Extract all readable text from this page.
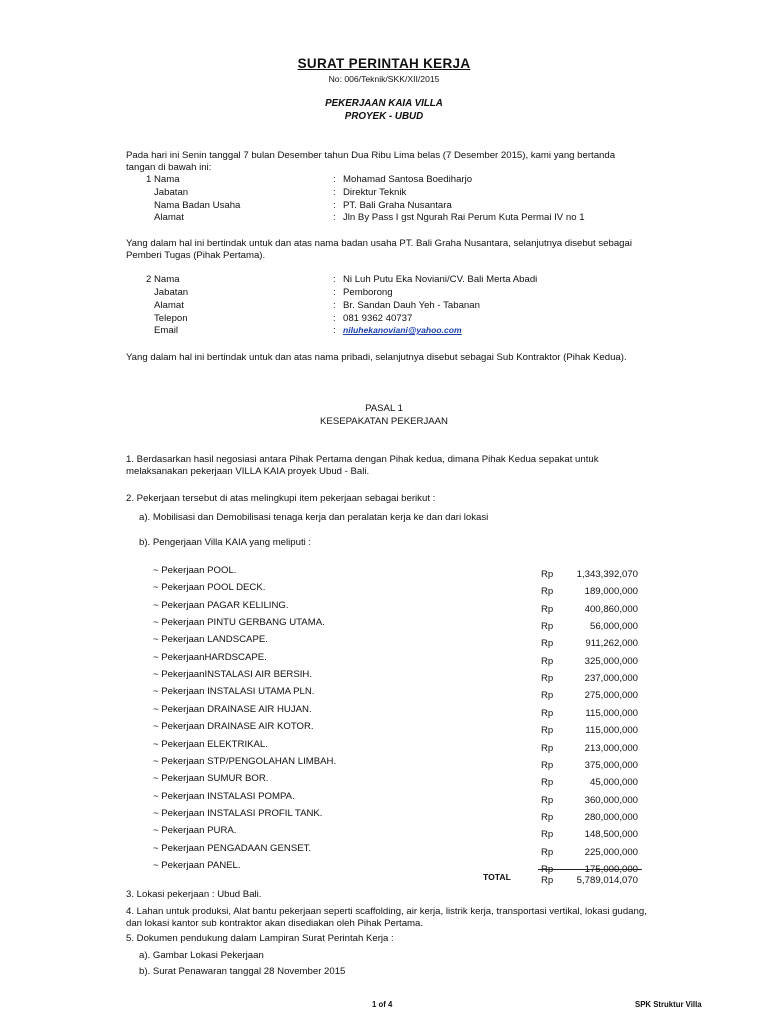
SURAT PERINTAH KERJA
No: 006/Teknik/SKK/XII/2015
PEKERJAAN KAIA VILLA
PROYEK - UBUD
Pada hari ini Senin tanggal 7 bulan Desember tahun Dua Ribu Lima belas (7 Desember 2015), kami yang bertanda tangan di bawah ini:
1 Nama	: Mohamad Santosa Boediharjo
Jabatan	: Direktur Teknik
Nama Badan Usaha	: PT. Bali Graha Nusantara
Alamat	: Jln By Pass I gst Ngurah Rai Perum Kuta Permai IV no 1
Yang dalam hal ini bertindak untuk dan atas nama badan usaha PT. Bali Graha Nusantara, selanjutnya disebut sebagai Pemberi Tugas (Pihak Pertama).
2 Nama	: Ni Luh Putu Eka Noviani/CV. Bali Merta Abadi
Jabatan	: Pemborong
Alamat	: Br. Sandan Dauh Yeh - Tabanan
Telepon	: 081 9362 40737
Email	: niluhekanoviani@yahoo.com
Yang dalam hal ini bertindak untuk dan atas nama pribadi, selanjutnya disebut sebagai Sub Kontraktor (Pihak Kedua).
PASAL 1
KESEPAKATAN PEKERJAAN
1. Berdasarkan hasil negosiasi antara Pihak Pertama dengan Pihak kedua, dimana Pihak Kedua sepakat untuk melaksanakan pekerjaan VILLA KAIA proyek Ubud - Bali.
2. Pekerjaan tersebut di atas melingkupi item pekerjaan sebagai berikut :
a). Mobilisasi dan Demobilisasi tenaga kerja dan peralatan kerja ke dan dari lokasi
b). Pengerjaan Villa KAIA yang meliputi :
~ Pekerjaan POOL.	Rp	1,343,392,070
~ Pekerjaan POOL DECK.	Rp	189,000,000
~ Pekerjaan PAGAR KELILING.	Rp	400,860,000
~ Pekerjaan PINTU GERBANG UTAMA.	Rp	56,000,000
~ Pekerjaan LANDSCAPE.	Rp	911,262,000
~ PekerjaanHARDSCAPE.	Rp	325,000,000
~ PekerjaanINSTALASI AIR BERSIH.	Rp	237,000,000
~ Pekerjaan INSTALASI UTAMA PLN.	Rp	275,000,000
~ Pekerjaan DRAINASE AIR HUJAN.	Rp	115,000,000
~ Pekerjaan DRAINASE AIR KOTOR.	Rp	115,000,000
~ Pekerjaan ELEKTRIKAL.	Rp	213,000,000
~ Pekerjaan STP/PENGOLAHAN LIMBAH.	Rp	375,000,000
~ Pekerjaan SUMUR BOR.	Rp	45,000,000
~ Pekerjaan INSTALASI POMPA.	Rp	360,000,000
~ Pekerjaan INSTALASI PROFIL TANK.	Rp	280,000,000
~ Pekerjaan PURA.	Rp	148,500,000
~ Pekerjaan PENGADAAN GENSET.	Rp	225,000,000
~ Pekerjaan PANEL.	Rp	175,000,000
TOTAL	Rp	5,789,014,070
3. Lokasi pekerjaan : Ubud Bali.
4. Lahan untuk produksi, Alat bantu pekerjaan seperti scaffolding, air kerja, listrik kerja, transportasi vertikal, lokasi gudang, dan lokasi kantor sub kontraktor akan disediakan oleh Pihak Pertama.
5. Dokumen pendukung dalam Lampiran Surat Perintah Kerja :
a). Gambar Lokasi Pekerjaan
b). Surat Penawaran tanggal 28 November 2015
1 of 4	SPK Struktur Villa
